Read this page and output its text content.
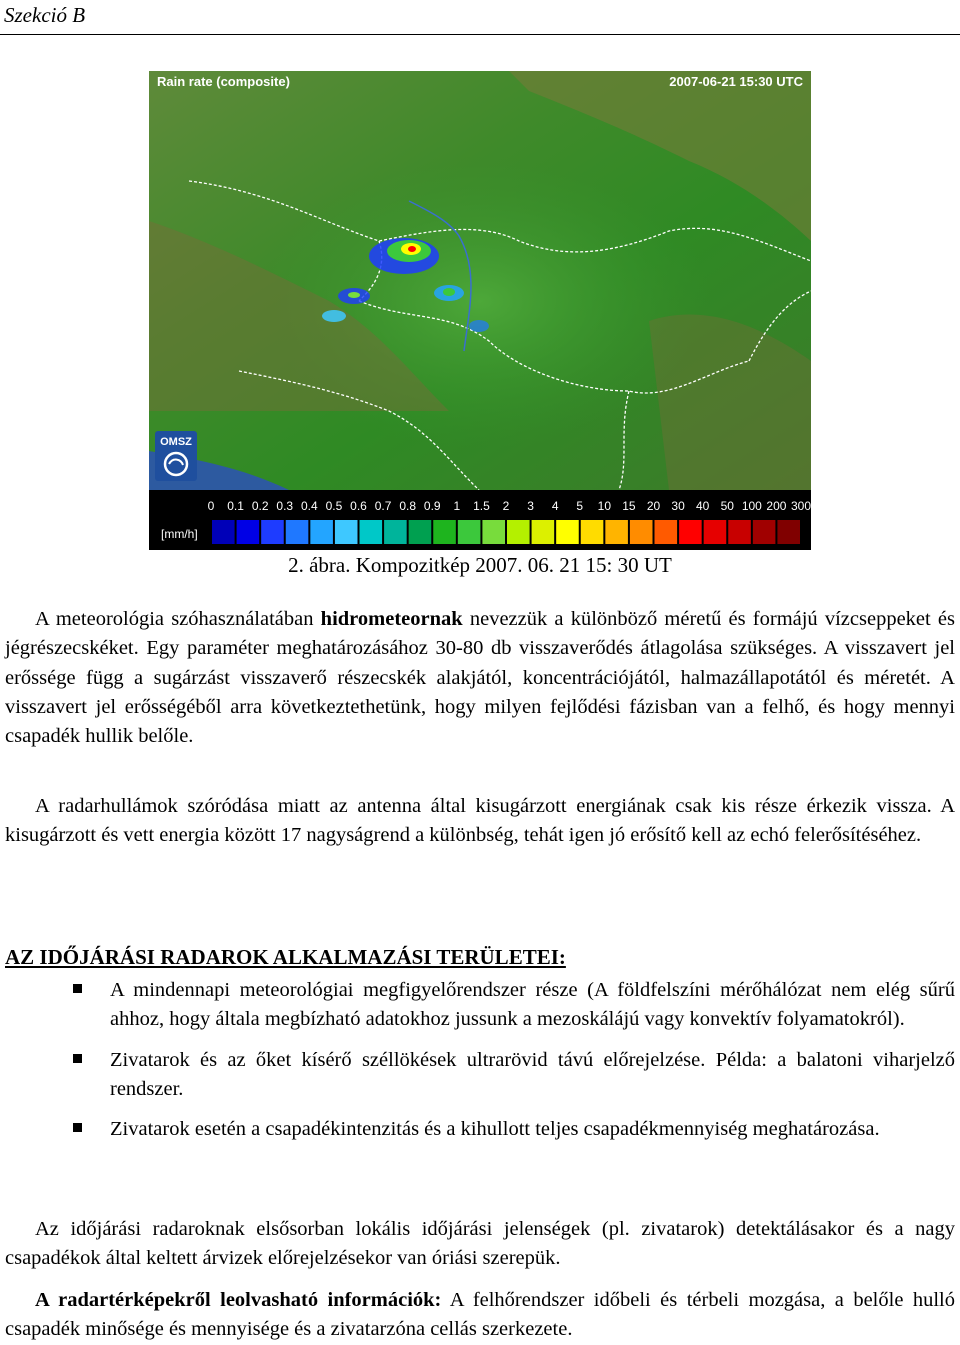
Szekció B
Rain rate (composite)	2007-06-21 15:30 UTC
OMSZ
[mm/h]
0 0.1 0.2 0.3 0.4 0.5 0.6 0.7 0.8 0.9 1 1.5 2 3 4 5 10 15 20 30 40 50 100 200 300
2. ábra. Kompozitkép 2007. 06. 21 15: 30 UT

A meteorológia szóhasználatában hidrometeornak nevezzük a különböző méretű és formájú vízcseppeket és jégrészecskéket. Egy paraméter meghatározásához 30-80 db visszaverődés átlagolása szükséges. A visszavert jel erőssége függ a sugárzást visszaverő részecskék alakjától, koncentrációjától, halmazállapotától és méretét. A visszavert jel erősségéből arra következtethetünk, hogy milyen fejlődési fázisban van a felhő, és hogy mennyi csapadék hullik belőle.

A radarhullámok szóródása miatt az antenna által kisugárzott energiának csak kis része érkezik vissza. A kisugárzott és vett energia között 17 nagyságrend a különbség, tehát igen jó erősítő kell az echó felerősítéséhez.

AZ IDŐJÁRÁSI RADAROK ALKALMAZÁSI TERÜLETEI:
A mindennapi meteorológiai megfigyelőrendszer része (A földfelszíni mérőhálózat nem elég sűrű ahhoz, hogy általa megbízható adatokhoz jussunk a mezoskálájú vagy konvektív folyamatokról).
Zivatarok és az őket kísérő széllökések ultrarövid távú előrejelzése. Példa: a balatoni viharjelző rendszer.
Zivatarok esetén a csapadékintenzitás és a kihullott teljes csapadékmennyiség meghatározása.

Az időjárási radaroknak elsősorban lokális időjárási jelenségek (pl. zivatarok) detektálásakor és a nagy csapadékok által keltett árvizek előrejelzésekor van óriási szerepük.

A radartérképekről leolvasható információk: A felhőrendszer időbeli és térbeli mozgása, a belőle hulló csapadék minősége és mennyisége és a zivatarzóna cellás szerkezete.
